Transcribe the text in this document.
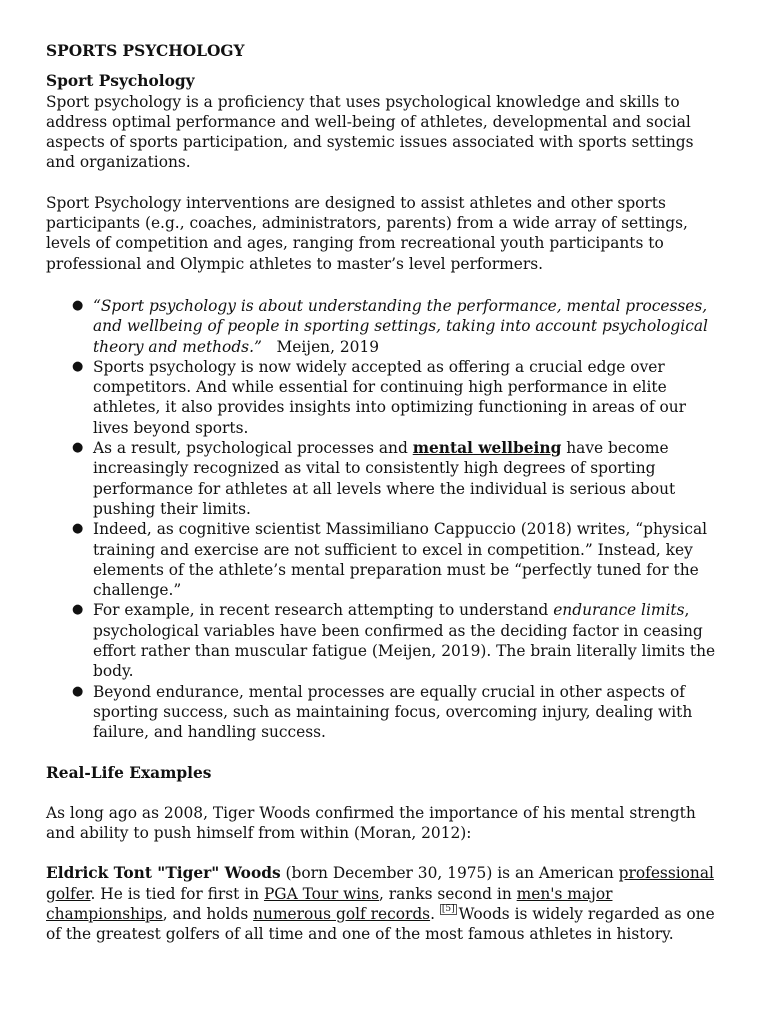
SPORTS PSYCHOLOGY
Sport Psychology

Sport psychology is a proficiency that uses psychological knowledge and skills to address optimal performance and well-being of athletes, developmental and social aspects of sports participation, and systemic issues associated with sports settings and organizations.

Sport Psychology interventions are designed to assist athletes and other sports participants (e.g., coaches, administrators, parents) from a wide array of settings, levels of competition and ages, ranging from recreational youth participants to professional and Olympic athletes to master’s level performers.

● “Sport psychology is about understanding the performance, mental processes, and wellbeing of people in sporting settings, taking into account psychological theory and methods.” Meijen, 2019
● Sports psychology is now widely accepted as offering a crucial edge over competitors. And while essential for continuing high performance in elite athletes, it also provides insights into optimizing functioning in areas of our lives beyond sports.
● As a result, psychological processes and mental wellbeing have become increasingly recognized as vital to consistently high degrees of sporting performance for athletes at all levels where the individual is serious about pushing their limits.
● Indeed, as cognitive scientist Massimiliano Cappuccio (2018) writes, “physical training and exercise are not sufficient to excel in competition.” Instead, key elements of the athlete’s mental preparation must be “perfectly tuned for the challenge.”
● For example, in recent research attempting to understand endurance limits, psychological variables have been confirmed as the deciding factor in ceasing effort rather than muscular fatigue (Meijen, 2019). The brain literally limits the body.
● Beyond endurance, mental processes are equally crucial in other aspects of sporting success, such as maintaining focus, overcoming injury, dealing with failure, and handling success.
Real-Life Examples

As long ago as 2008, Tiger Woods confirmed the importance of his mental strength and ability to push himself from within (Moran, 2012):

Eldrick Tont "Tiger" Woods (born December 30, 1975) is an American professional golfer. He is tied for first in PGA Tour wins, ranks second in men's major championships, and holds numerous golf records. [5] Woods is widely regarded as one of the greatest golfers of all time and one of the most famous athletes in history.
